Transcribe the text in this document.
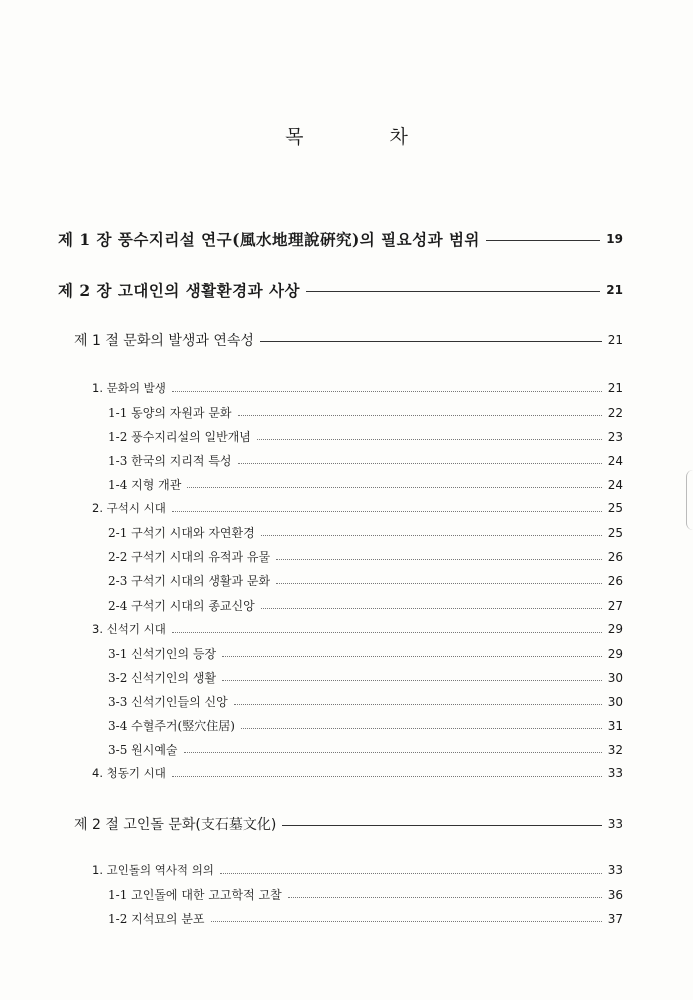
목 차
제 1 장 풍수지리설 연구(風水地理說硏究)의 필요성과 범위	19
제 2 장 고대인의 생활환경과 사상	21
제 1 절 문화의 발생과 연속성	21
1. 문화의 발생	21
1-1 동양의 자원과 문화	22
1-2 풍수지리설의 일반개념	23
1-3 한국의 지리적 특성	24
1-4 지형 개관	24
2. 구석시 시대	25
2-1 구석기 시대와 자연환경	25
2-2 구석기 시대의 유적과 유물	26
2-3 구석기 시대의 생활과 문화	26
2-4 구석기 시대의 종교신앙	27
3. 신석기 시대	29
3-1 신석기인의 등장	29
3-2 신석기인의 생활	30
3-3 신석기인들의 신앙	30
3-4 수혈주거(竪穴住居)	31
3-5 원시예술	32
4. 청동기 시대	33
제 2 절 고인돌 문화(支石墓文化)	33
1. 고인돌의 역사적 의의	33
1-1 고인돌에 대한 고고학적 고찰	36
1-2 지석묘의 분포	37
